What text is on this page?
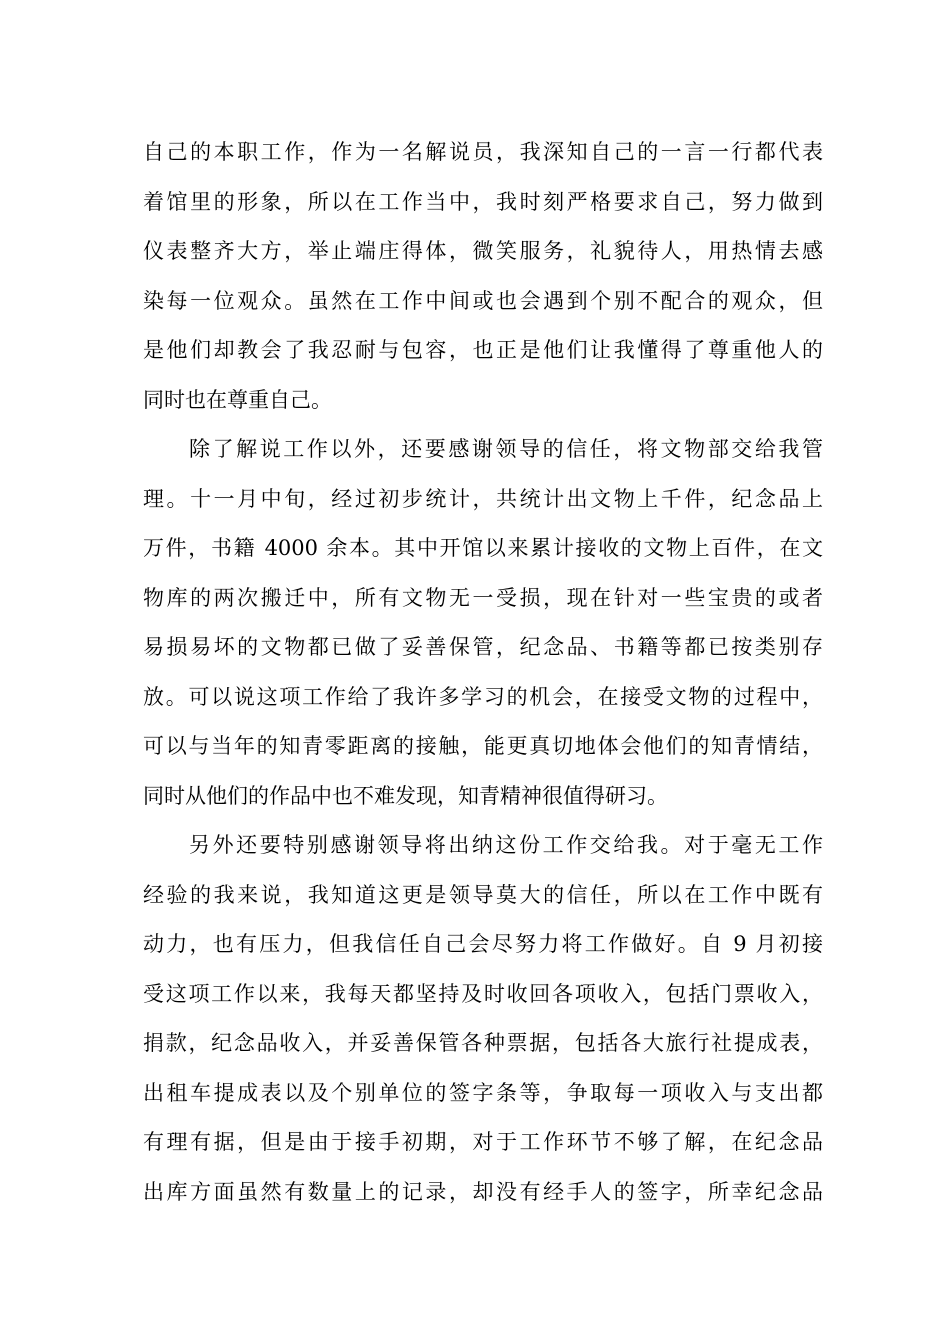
自己的本职工作，作为一名解说员，我深知自己的一言一行都代表
着馆里的形象，所以在工作当中，我时刻严格要求自己，努力做到
仪表整齐大方，举止端庄得体，微笑服务，礼貌待人，用热情去感
染每一位观众。虽然在工作中间或也会遇到个别不配合的观众，但
是他们却教会了我忍耐与包容，也正是他们让我懂得了尊重他人的
同时也在尊重自己。
除了解说工作以外，还要感谢领导的信任，将文物部交给我管
理。十一月中旬，经过初步统计，共统计出文物上千件，纪念品上
万件，书籍 4000 余本。其中开馆以来累计接收的文物上百件，在文
物库的两次搬迁中，所有文物无一受损，现在针对一些宝贵的或者
易损易坏的文物都已做了妥善保管，纪念品、书籍等都已按类别存
放。可以说这项工作给了我许多学习的机会，在接受文物的过程中，
可以与当年的知青零距离的接触，能更真切地体会他们的知青情结，
同时从他们的作品中也不难发现，知青精神很值得研习。
另外还要特别感谢领导将出纳这份工作交给我。对于毫无工作
经验的我来说，我知道这更是领导莫大的信任，所以在工作中既有
动力，也有压力，但我信任自己会尽努力将工作做好。自 9 月初接
受这项工作以来，我每天都坚持及时收回各项收入，包括门票收入，
捐款，纪念品收入，并妥善保管各种票据，包括各大旅行社提成表，
出租车提成表以及个别单位的签字条等，争取每一项收入与支出都
有理有据，但是由于接手初期，对于工作环节不够了解，在纪念品
出库方面虽然有数量上的记录，却没有经手人的签字，所幸纪念品
